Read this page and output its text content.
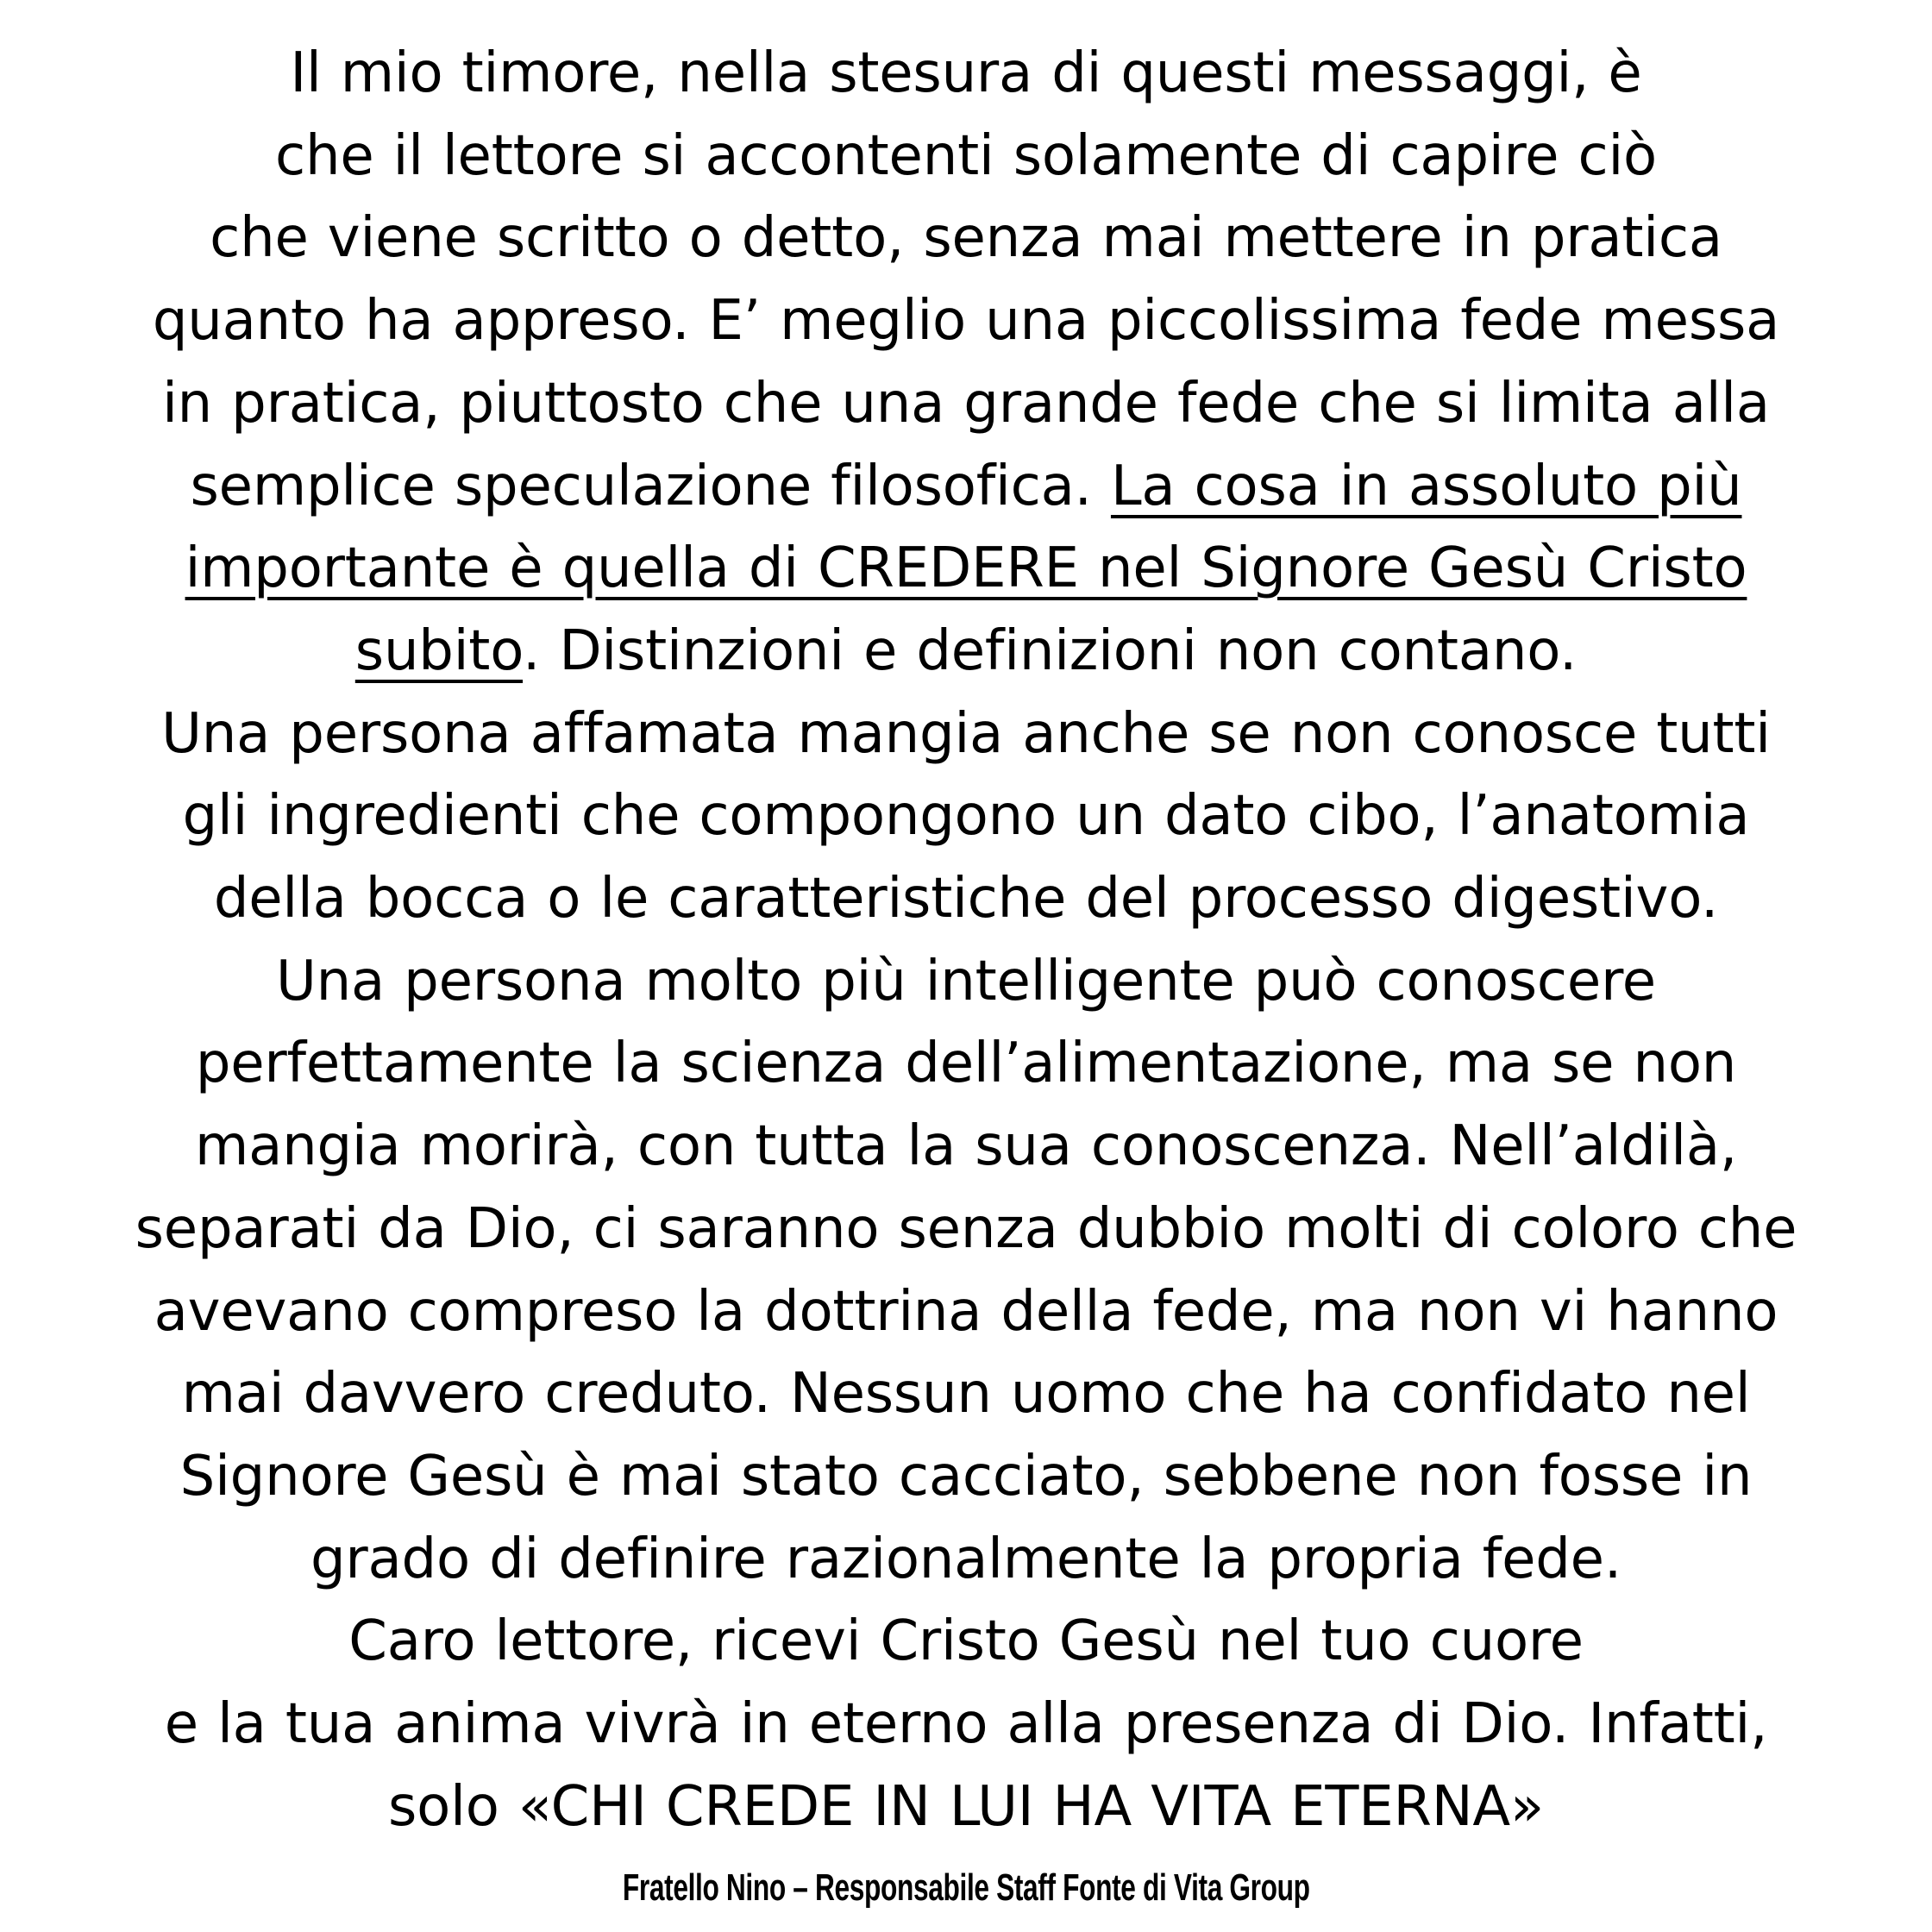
Il mio timore, nella stesura di questi messaggi, è
che il lettore si accontenti solamente di capire ciò
che viene scritto o detto, senza mai mettere in pratica
quanto ha appreso. E’ meglio una piccolissima fede messa
in pratica, piuttosto che una grande fede che si limita alla
semplice speculazione filosofica. La cosa in assoluto più
importante è quella di CREDERE nel Signore Gesù Cristo
subito. Distinzioni e definizioni non contano.
Una persona affamata mangia anche se non conosce tutti
gli ingredienti che compongono un dato cibo, l’anatomia
della bocca o le caratteristiche del processo digestivo.
Una persona molto più intelligente può conoscere
perfettamente la scienza dell’alimentazione, ma se non
mangia morirà, con tutta la sua conoscenza. Nell’aldilà,
separati da Dio, ci saranno senza dubbio molti di coloro che
avevano compreso la dottrina della fede, ma non vi hanno
mai davvero creduto. Nessun uomo che ha confidato nel
Signore Gesù è mai stato cacciato, sebbene non fosse in
grado di definire razionalmente la propria fede.
Caro lettore, ricevi Cristo Gesù nel tuo cuore
e la tua anima vivrà in eterno alla presenza di Dio. Infatti,
solo «CHI CREDE IN LUI HA VITA ETERNA»
Fratello Nino – Responsabile Staff Fonte di Vita Group
